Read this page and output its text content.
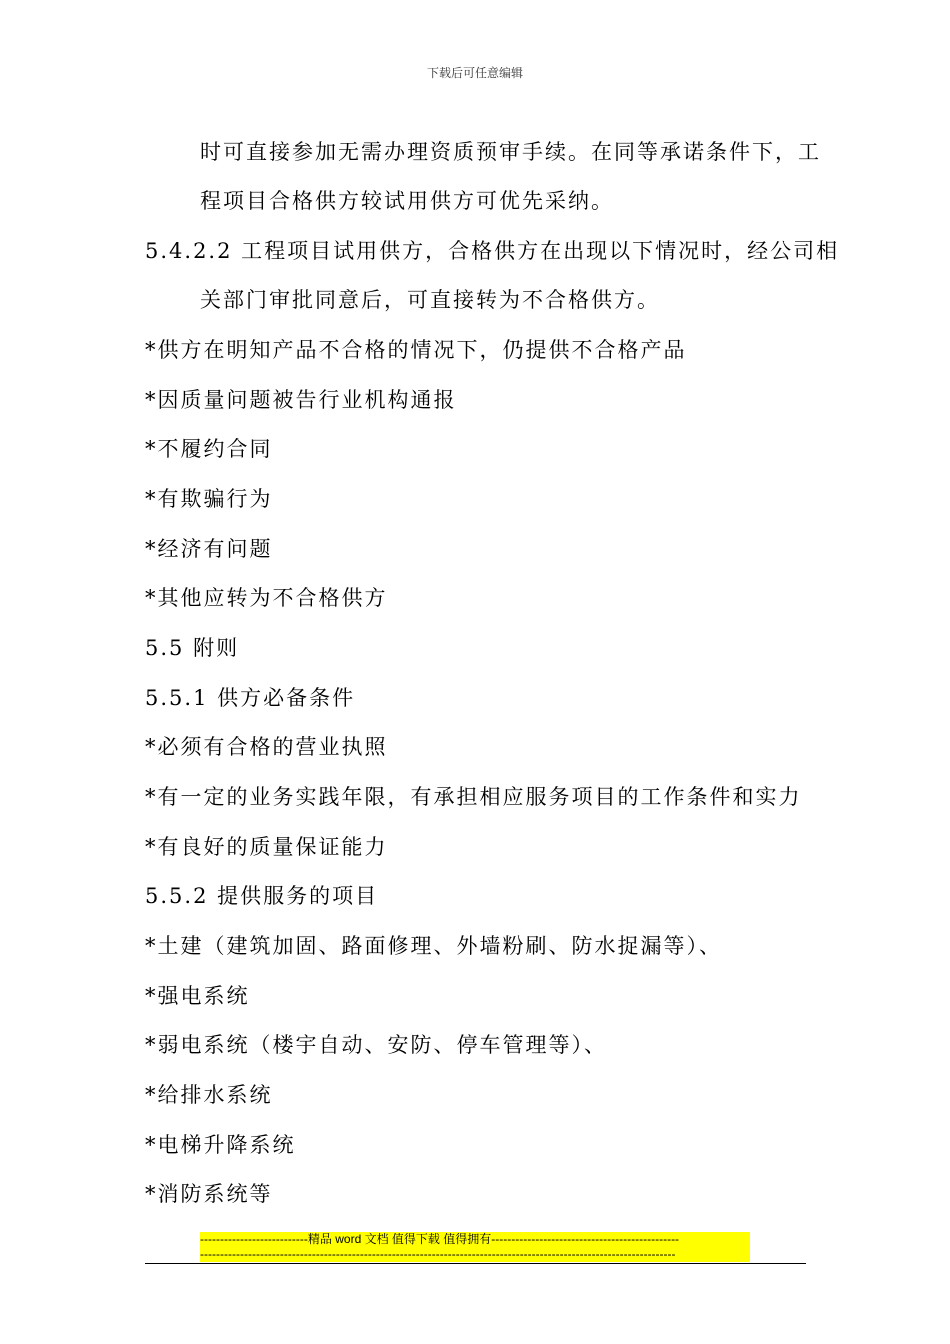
下载后可任意编辑
时可直接参加无需办理资质预审手续。在同等承诺条件下，工
程项目合格供方较试用供方可优先采纳。
5.4.2.2 工程项目试用供方，合格供方在出现以下情况时，经公司相
关部门审批同意后，可直接转为不合格供方。
*供方在明知产品不合格的情况下，仍提供不合格产品
*因质量问题被告行业机构通报
*不履约合同
*有欺骗行为
*经济有问题
*其他应转为不合格供方
5.5 附则
5.5.1 供方必备条件
*必须有合格的营业执照
*有一定的业务实践年限，有承担相应服务项目的工作条件和实力
*有良好的质量保证能力
5.5.2 提供服务的项目
*土建（建筑加固、路面修理、外墙粉刷、防水捉漏等）、
*强电系统
*弱电系统（楼宇自动、安防、停车管理等）、
*给排水系统
*电梯升降系统
*消防系统等
---------------------------精品 word 文档 值得下载 值得拥有-----------------------------------------------
-----------------------------------------------------------------------------------------------------------------------
